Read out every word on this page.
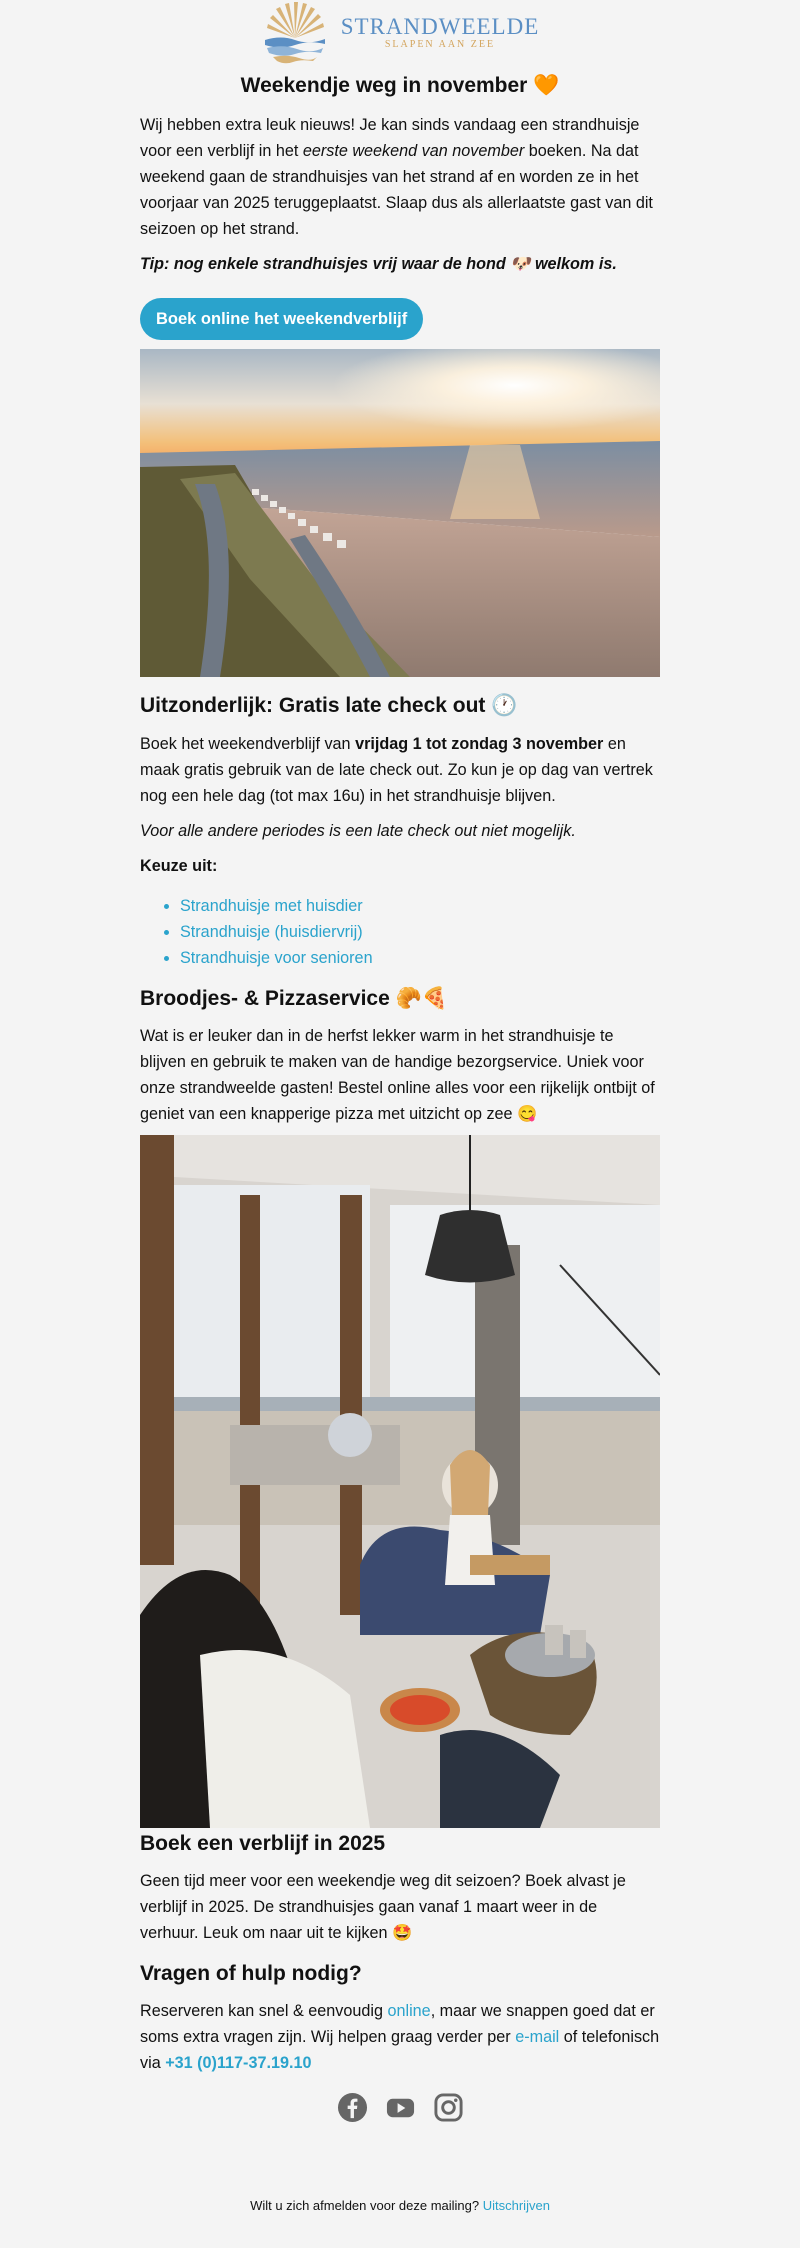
STRANDWEELDE
SLAPEN AAN ZEE
Weekendje weg in november 🧡

Wij hebben extra leuk nieuws! Je kan sinds vandaag een strandhuisje voor een verblijf in het eerste weekend van november boeken. Na dat weekend gaan de strandhuisjes van het strand af en worden ze in het voorjaar van 2025 teruggeplaatst. Slaap dus als allerlaatste gast van dit seizoen op het strand.

Tip: nog enkele strandhuisjes vrij waar de hond 🐶 welkom is.

Boek online het weekendverblijf
Uitzonderlijk: Gratis late check out 🕐

Boek het weekendverblijf van vrijdag 1 tot zondag 3 november en maak gratis gebruik van de late check out. Zo kun je op dag van vertrek nog een hele dag (tot max 16u) in het strandhuisje blijven.

Voor alle andere periodes is een late check out niet mogelijk.

Keuze uit:

• Strandhuisje met huisdier
• Strandhuisje (huisdiervrij)
• Strandhuisje voor senioren
Broodjes- & Pizzaservice 🥐🍕

Wat is er leuker dan in de herfst lekker warm in het strandhuisje te blijven en gebruik te maken van de handige bezorgservice. Uniek voor onze strandweelde gasten! Bestel online alles voor een rijkelijk ontbijt of geniet van een knapperige pizza met uitzicht op zee 😋

Boek een verblijf in 2025

Geen tijd meer voor een weekendje weg dit seizoen? Boek alvast je verblijf in 2025. De strandhuisjes gaan vanaf 1 maart weer in de verhuur. Leuk om naar uit te kijken 🤩

Vragen of hulp nodig?

Reserveren kan snel & eenvoudig online, maar we snappen goed dat er soms extra vragen zijn. Wij helpen graag verder per e-mail of telefonisch via +31 (0)117-37.19.10

Wilt u zich afmelden voor deze mailing? Uitschrijven
